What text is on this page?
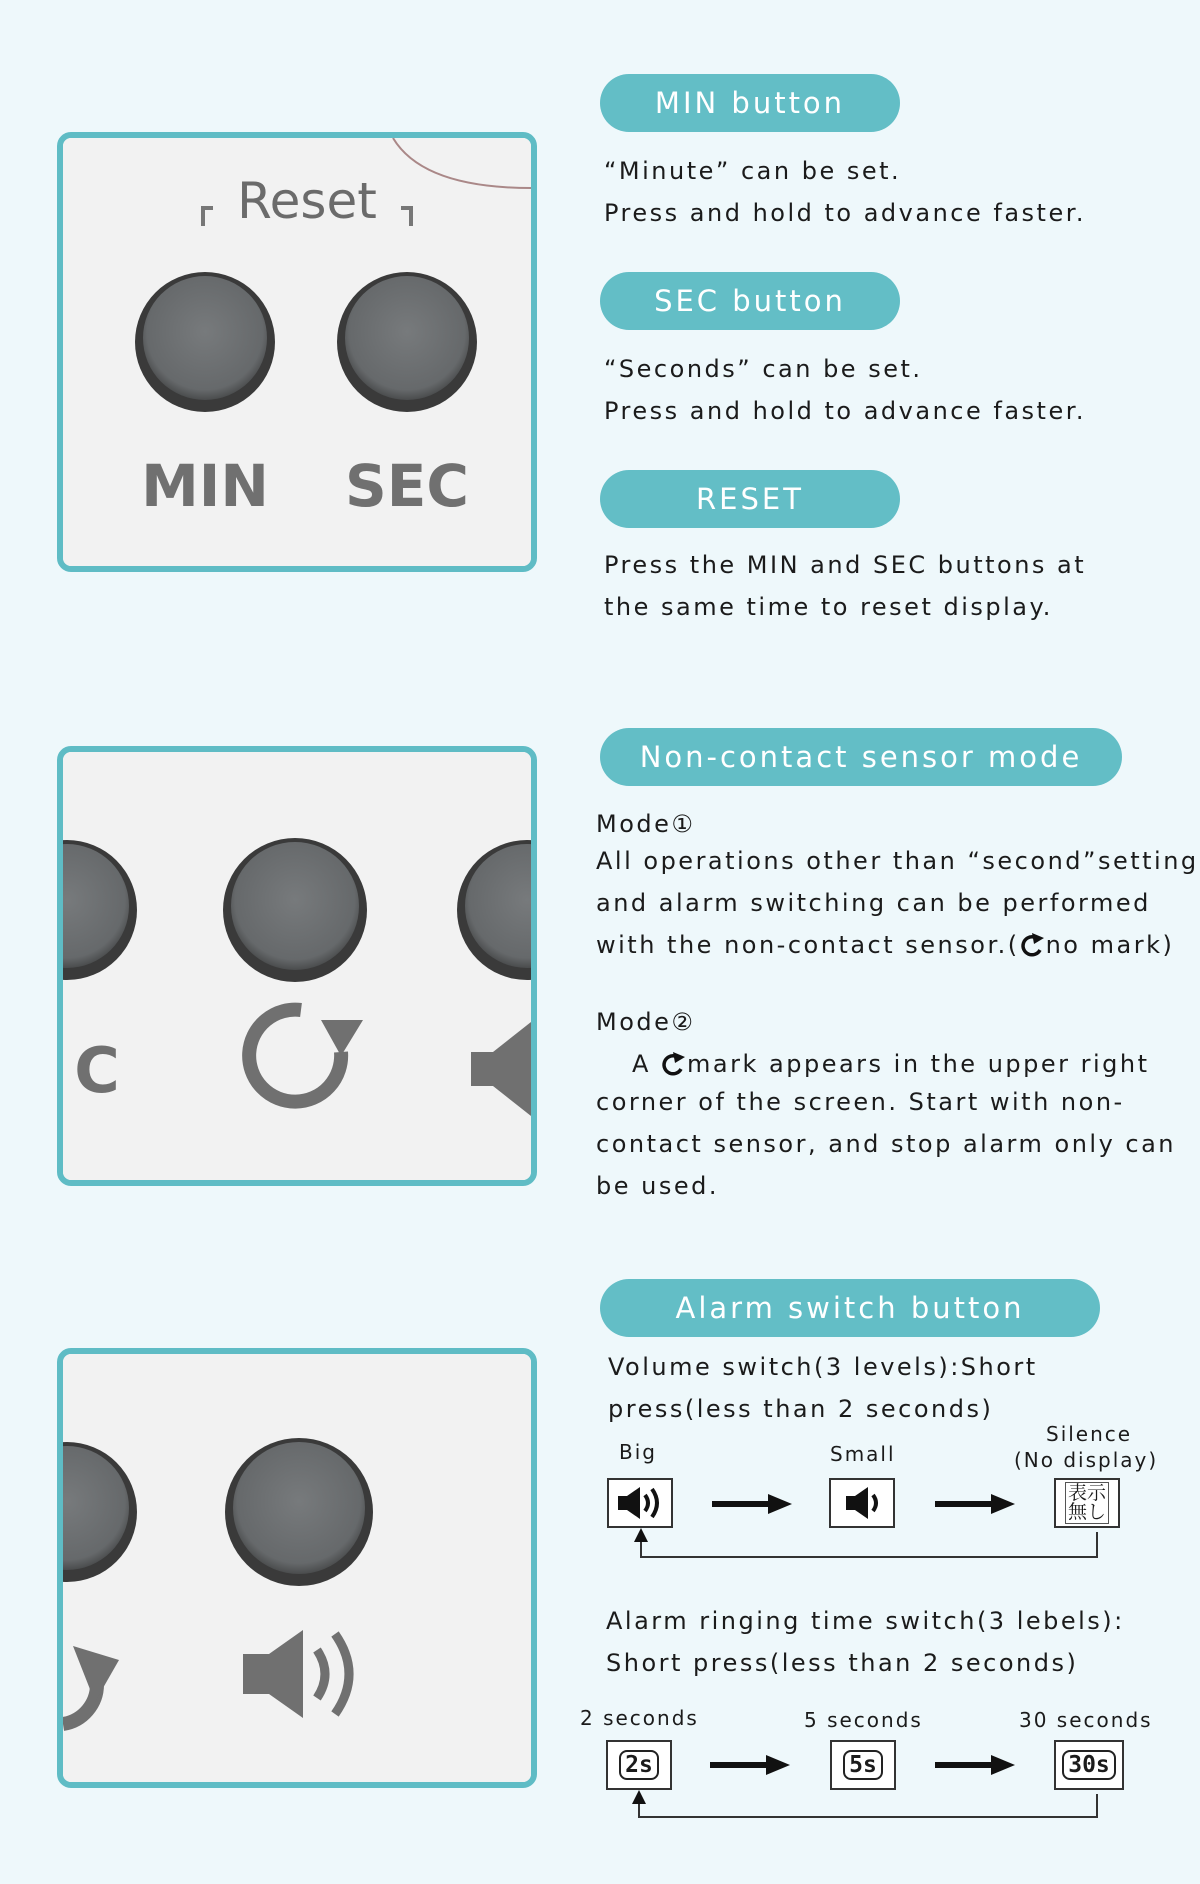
Reset
MIN SEC
MIN button
“Minute” can be set.
Press and hold to advance faster.
SEC button
“Seconds” can be set.
Press and hold to advance faster.
RESET
Press the MIN and SEC buttons at
the same time to reset display.
C
Non-contact sensor mode
Mode①
All operations other than “second”setting
and alarm switching can be performed
with the non-contact sensor.( no mark)
Mode②
A mark appears in the upper right
corner of the screen. Start with non-
contact sensor, and stop alarm only can
be used.
Alarm switch button
Volume switch(3 levels):Short
press(less than 2 seconds)
Big	Small
Silence
(No display)
表示
無し
Alarm ringing time switch(3 lebels):
Short press(less than 2 seconds)
2 seconds	5 seconds	30 seconds
2s	5s	30s
